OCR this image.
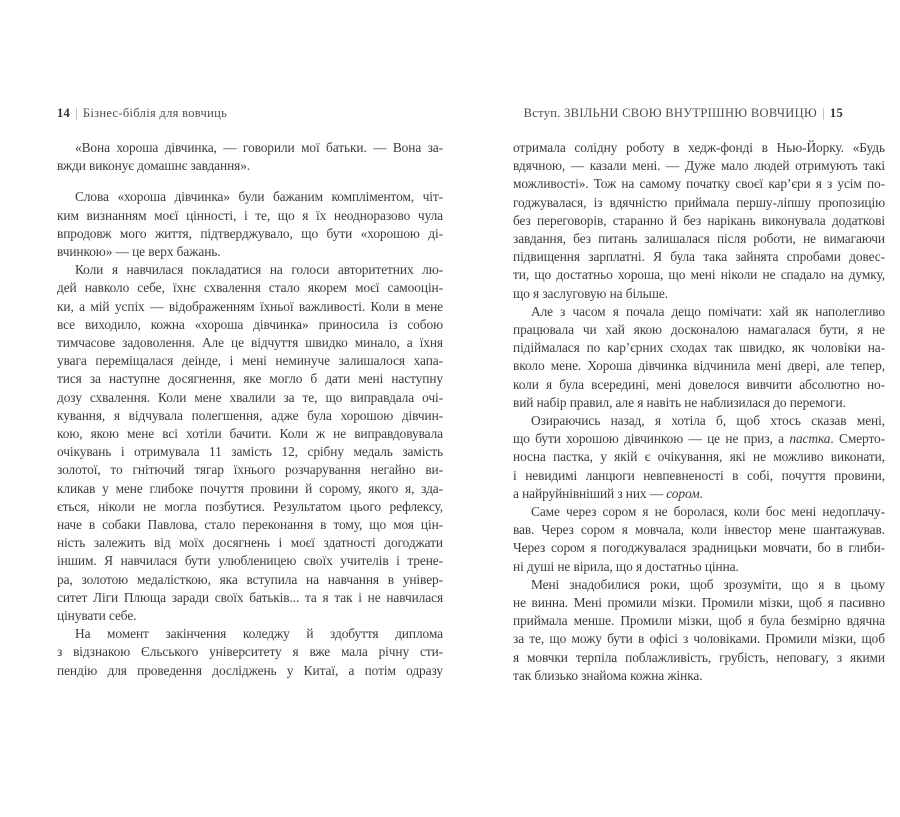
14 | Бізнес-біблія для вовчиць	Вступ. ЗВІЛЬНИ СВОЮ ВНУТРІШНЮ ВОВЧИЦЮ | 15
«Вона хороша дівчинка, — говорили мої батьки. — Вона за-
вжди виконує домашнє завдання».
Слова «хороша дівчинка» були бажаним компліментом, чіт-
ким визнанням моєї цінності, і те, що я їх неодноразово чула
впродовж мого життя, підтверджувало, що бути «хорошою ді-
вчинкою» — це верх бажань.
Коли я навчилася покладатися на голоси авторитетних лю-
дей навколо себе, їхнє схвалення стало якорем моєї самооцін-
ки, а мій успіх — відображенням їхньої важливості. Коли в мене
все виходило, кожна «хороша дівчинка» приносила із собою
тимчасове задоволення. Але це відчуття швидко минало, а їхня
увага переміщалася деінде, і мені неминуче залишалося хапа-
тися за наступне досягнення, яке могло б дати мені наступну
дозу схвалення. Коли мене хвалили за те, що виправдала очі-
кування, я відчувала полегшення, адже була хорошою дівчин-
кою, якою мене всі хотіли бачити. Коли ж не виправдовувала
очікувань і отримувала 11 замість 12, срібну медаль замість
золотої, то гнітючий тягар їхнього розчарування негайно ви-
кликав у мене глибоке почуття провини й сорому, якого я, зда-
ється, ніколи не могла позбутися. Результатом цього рефлексу,
наче в собаки Павлова, стало переконання в тому, що моя цін-
ність залежить від моїх досягнень і моєї здатності догоджати
іншим. Я навчилася бути улюбленицею своїх учителів і трене-
ра, золотою медалісткою, яка вступила на навчання в універ-
ситет Ліги Плюща заради своїх батьків... та я так і не навчилася
цінувати себе.
На момент закінчення коледжу й здобуття диплома
з відзнакою Єльського університету я вже мала річну сти-
пендію для проведення досліджень у Китаї, а потім одразу
отримала солідну роботу в хедж-фонді в Нью-Йорку. «Будь
вдячною, — казали мені. — Дуже мало людей отримують такі
можливості». Тож на самому початку своєї кар’єри я з усім по-
годжувалася, із вдячністю приймала першу-ліпшу пропозицію
без переговорів, старанно й без нарікань виконувала додаткові
завдання, без питань залишалася після роботи, не вимагаючи
підвищення зарплатні. Я була така зайнята спробами довес-
ти, що достатньо хороша, що мені ніколи не спадало на думку,
що я заслуговую на більше.
Але з часом я почала дещо помічати: хай як наполегливо
працювала чи хай якою досконалою намагалася бути, я не
підіймалася по кар’єрних сходах так швидко, як чоловіки на-
вколо мене. Хороша дівчинка відчинила мені двері, але тепер,
коли я була всередині, мені довелося вивчити абсолютно но-
вий набір правил, але я навіть не наблизилася до перемоги.
Озираючись назад, я хотіла б, щоб хтось сказав мені,
що бути хорошою дівчинкою — це не приз, а пастка. Смерто-
носна пастка, у якій є очікування, які не можливо виконати,
і невидимі ланцюги невпевненості в собі, почуття провини,
а найруйнівніший з них — сором.
Саме через сором я не боролася, коли бос мені недоплачу-
вав. Через сором я мовчала, коли інвестор мене шантажував.
Через сором я погоджувалася зрадницьки мовчати, бо в глиби-
ні душі не вірила, що я достатньо цінна.
Мені знадобилися роки, щоб зрозуміти, що я в цьому
не винна. Мені промили мізки. Промили мізки, щоб я пасивно
приймала менше. Промили мізки, щоб я була безмірно вдячна
за те, що можу бути в офісі з чоловіками. Промили мізки, щоб
я мовчки терпіла поблажливість, грубість, неповагу, з якими
так близько знайома кожна жінка.
